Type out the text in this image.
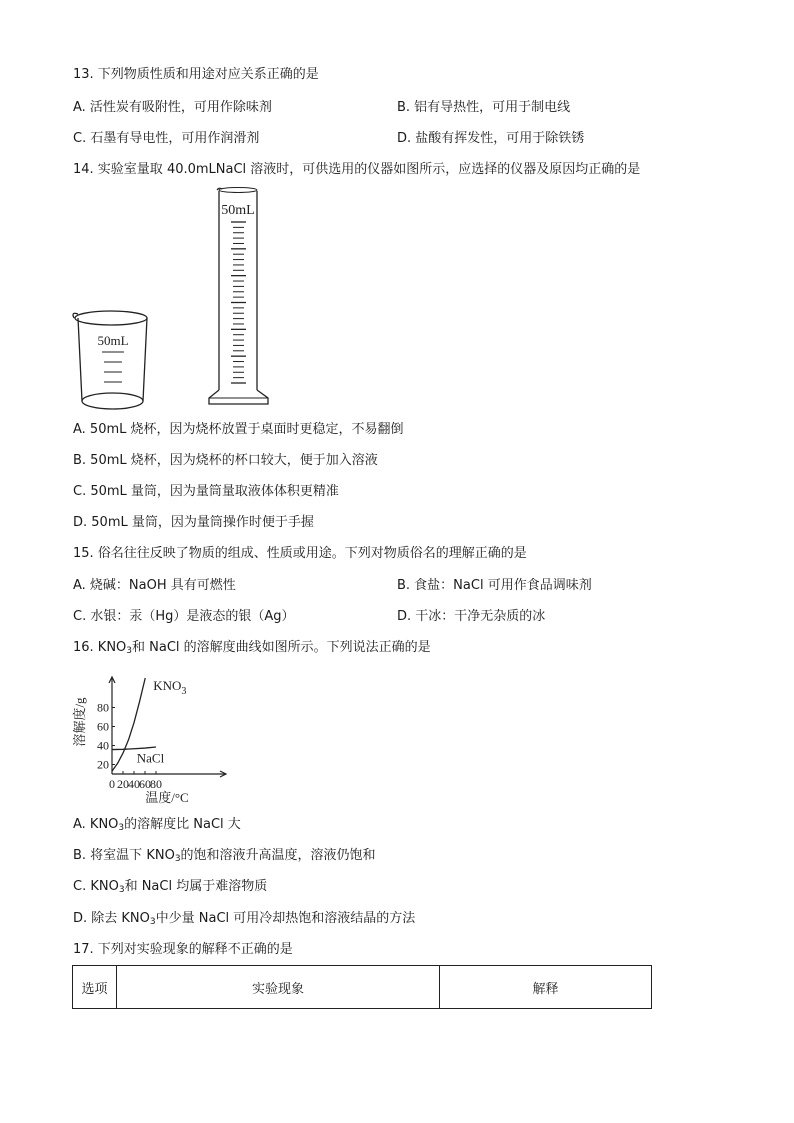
13. 下列物质性质和用途对应关系正确的是
A. 活性炭有吸附性，可用作除味剂	B. 铝有导热性，可用于制电线
C. 石墨有导电性，可用作润滑剂	D. 盐酸有挥发性，可用于除铁锈
14. 实验室量取 40.0mLNaCl 溶液时，可供选用的仪器如图所示，应选择的仪器及原因均正确的是
50mL
50mL
A. 50mL 烧杯，因为烧杯放置于桌面时更稳定，不易翻倒
B. 50mL 烧杯，因为烧杯的杯口较大，便于加入溶液
C. 50mL 量筒，因为量筒量取液体体积更精准
D. 50mL 量筒，因为量筒操作时便于手握
15. 俗名往往反映了物质的组成、性质或用途。下列对物质俗名的理解正确的是
A. 烧碱：NaOH 具有可燃性	B. 食盐：NaCl 可用作食品调味剂
C. 水银：汞（Hg）是液态的银（Ag）	D. 干冰：干净无杂质的冰
16. $KNO_3$和 NaCl 的溶解度曲线如图所示。下列说法正确的是
0 20 40 60 80
20
40
60
80
$KNO_3$
NaCl
溶解度/g
温度/°C
A. $KNO_3$的溶解度比 NaCl 大
B. 将室温下 $KNO_3$的饱和溶液升高温度，溶液仍饱和
C. $KNO_3$和 NaCl 均属于难溶物质
D. 除去 $KNO_3$中少量 NaCl 可用冷却热饱和溶液结晶的方法
17. 下列对实验现象的解释不正确的是
选项	实验现象	解释
